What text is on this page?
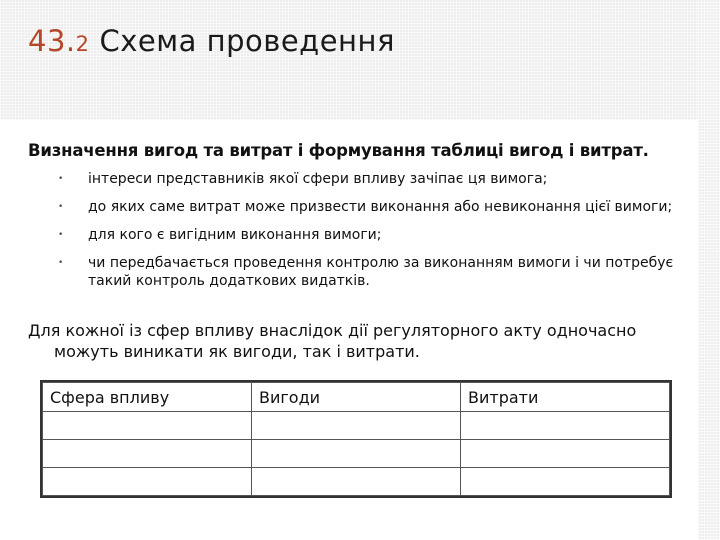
43.2 Схема проведення
Визначення вигод та витрат і формування таблиці вигод і витрат.
• інтереси представників якої сфери впливу зачіпає ця вимога;
• до яких саме витрат може призвести виконання або невиконання цієї вимоги;
• для кого є вигідним виконання вимоги;
• чи передбачається проведення контролю за виконанням вимоги і чи потребує такий контроль додаткових видатків.
Для кожної із сфер впливу внаслідок дії регуляторного акту одночасно
можуть виникати як вигоди, так і витрати.
Сфера впливу	Вигоди	Витрати
